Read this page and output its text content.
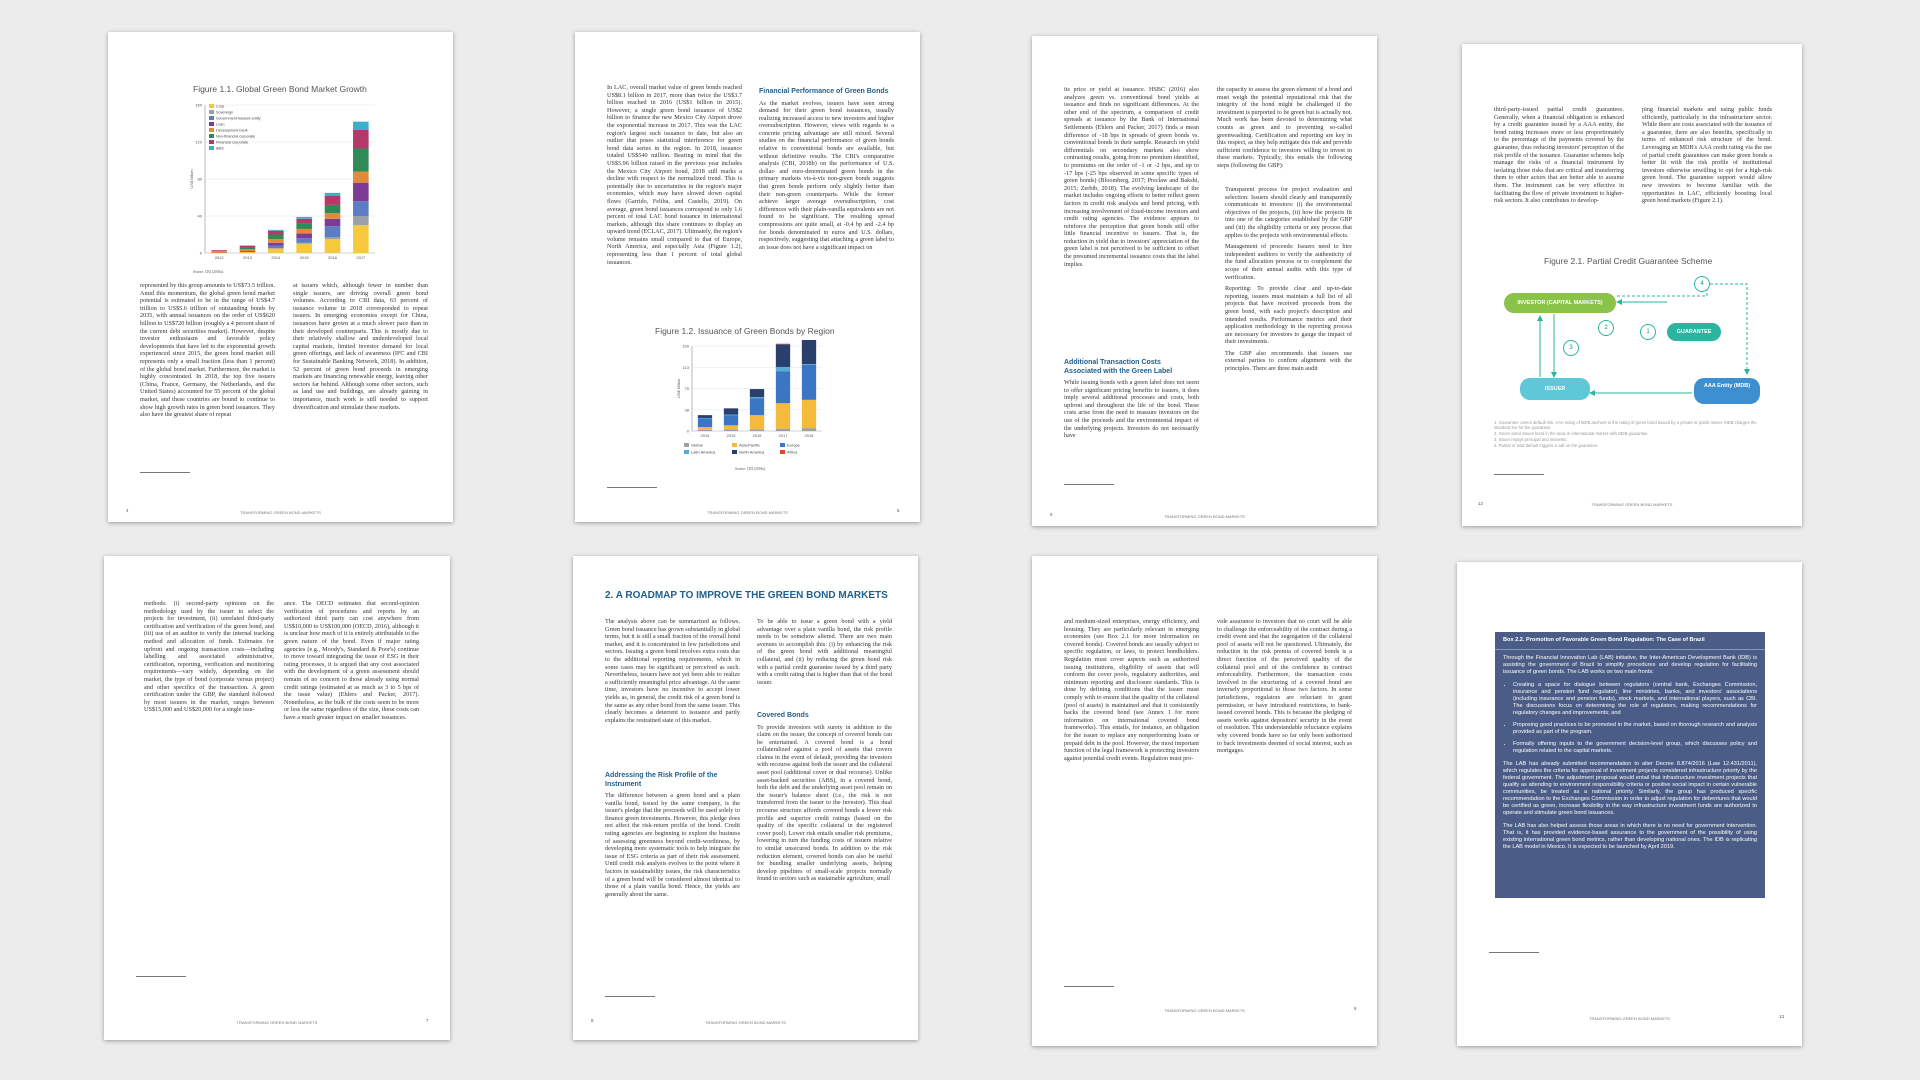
Figure 1.1. Global Green Bond Market Growth
0
40
80
120
160
US$ billion
2012	2013	2014	2015	2016	2017
Corp
Sovereign
Government-backed entity
Loan
Development bank
Non-financial corporate
Financial corporate
ABS
Source: CBI (2018a).
represented by this group amounts to US$73.5 trillion. Amid this momentum, the global green bond market potential is estimated to be in the range of US$4.7 trillion to US$5.6 trillion of outstanding bonds by 2035, with annual issuances on the order of US$620 billion to US$720 billion (roughly a 4 percent share of the current debt securities market). However, despite investor enthusiasm and favorable policy developments that have led to the exponential growth experienced since 2015, the green bond market still represents only a small fraction (less than 1 percent) of the global bond market. Furthermore, the market is highly concentrated. In 2018, the top five issuers (China, France, Germany, the Netherlands, and the United States) accounted for 55 percent of the global market, and these countries are bound to continue to show high growth rates in green bond issuances. They also have the greatest share of repeat
at issuers which, although fewer in number than single issuers, are driving overall green bond volumes. According to CBI data, 63 percent of issuance volume in 2018 corresponded to repeat issuers. In emerging economies except for China, issuances have grown at a much slower pace than in their developed counterparts. This is mostly due to their relatively shallow and underdeveloped local capital markets, limited investor demand for local green offerings, and lack of awareness (IFC and CBI for Sustainable Banking Network, 2018). In addition, 52 percent of green bond proceeds in emerging markets are financing renewable energy, leaving other sectors far behind. Although some other sectors, such as land use and buildings, are already gaining in importance, much work is still needed to support diversification and stimulate these markets.
TRANSFORMING GREEN BOND MARKETS
4
In LAC, overall market value of green bonds reached US$8.1 billion in 2017, more than twice the US$3.7 billion reached in 2016 (US$1 billion in 2015). However, a single green bond issuance of US$2 billion to finance the new Mexico City Airport drove the exponential increase in 2017. This was the LAC region's largest such issuance to date, but also an outlier that poses statistical interference for green bond data series in the region. In 2018, issuance totaled US$540 million. Bearing in mind that the US$5.96 billion raised in the previous year includes the Mexico City Airport bond, 2018 still marks a decline with respect to the normalized trend. This is potentially due to uncertainties in the region's major economies, which may have slowed down capital flows (Garrido, Feliba, and Castells, 2019). On average, green bond issuances correspond to only 1.6 percent of total LAC bond issuance in international markets, although this share continues to display an upward trend (ECLAC, 2017). Ultimately, the region's volume remains small compared to that of Europe, North America, and especially Asia (Figure 1.2), representing less than 1 percent of total global issuances.
Financial Performance of Green Bonds
As the market evolves, issuers have seen strong demand for their green bond issuances, usually realizing increased access to new investors and higher oversubscription. However, views with regards to a concrete pricing advantage are still mixed. Several studies on the financial performance of green bonds relative to conventional bonds are available, but without definitive results. The CBI's comparative analysis (CBI, 2018b) on the performance of U.S. dollar- and euro-denominated green bonds in the primary markets vis-à-vis non-green bonds suggests that green bonds perform only slightly better than their non-green counterparts. While the former achieve larger average oversubscription, cost differences with their plain-vanilla equivalents are not found to be significant. The resulting spread compressions are quite small, at -0.4 bp and -2.4 bp for bonds denominated in euros and U.S. dollars, respectively, suggesting that attaching a green label to an issue does not have a significant impact on
Figure 1.2. Issuance of Green Bonds by Region
0
38
75
113
150
US$ billion
2014	2015	2016	2017	2018
Global	Asia-Pacific	Europe
Latin America	North America	Africa
Source: CBI (2018a).
TRANSFORMING GREEN BOND MARKETS	5
its price or yield at issuance. HSBC (2016) also analyzes green vs. conventional bond yields at issuance and finds no significant differences. At the other end of the spectrum, a comparison of credit spreads at issuance by the Bank of International Settlements (Ehlers and Packer, 2017) finds a mean difference of -18 bps in spreads of green bonds vs. conventional bonds in their sample. Research on yield differentials on secondary markets also show contrasting results, going from no premium identified, to premiums on the order of -1 or -2 bps, and up to -17 bps (-25 bps observed in some specific types of green bonds) (Bloomberg, 2017; Preclaw and Bakshi, 2015; Zerbib, 2018). The evolving landscape of the market includes ongoing efforts to better reflect green factors in credit risk analysis and bond pricing, with increasing involvement of fixed-income investors and credit rating agencies. The evidence appears to reinforce the perception that green bonds still offer little financial incentive to issuers. That is, the reduction in yield due to investors' appreciation of the green label is not perceived to be sufficient to offset the presumed incremental issuance costs that the label implies.
Additional Transaction Costs Associated with the Green Label
While issuing bonds with a green label does not seem to offer significant pricing benefits to issuers, it does imply several additional processes and costs, both upfront and throughout the life of the bond. These costs arise from the need to reassure investors on the use of the proceeds and the environmental impact of the underlying projects. Investors do not necessarily have
the capacity to assess the green element of a bond and must weigh the potential reputational risk that the integrity of the bond might be challenged if the investment is purported to be green but is actually not. Much work has been devoted to determining what counts as green and to preventing so-called greenwashing. Certification and reporting are key in this respect, as they help mitigate this risk and provide sufficient confidence to investors willing to invest in these markets. Typically, this entails the following steps (following the GBP):
• Transparent process for project evaluation and selection: Issuers should clearly and transparently communicate to investors: (i) the environmental objectives of the projects, (ii) how the projects fit into one of the categories established by the GBP and (iii) the eligibility criteria or any process that applies to the projects with environmental effects.
• Management of proceeds: Issuers need to hire independent auditors to verify the authenticity of the fund allocation process or to complement the scope of their annual audits with this type of verification.
• Reporting: To provide clear and up-to-date reporting, issuers must maintain a full list of all projects that have received proceeds from the green bond, with each project's description and intended results. Performance metrics and their application methodology in the reporting process are necessary for investors to gauge the impact of their investments.
• The GBP also recommends that issuers use external parties to confirm alignment with the principles. There are three main audit
TRANSFORMING GREEN BOND MARKETS
6
third-party-issued partial credit guarantees. Generally, when a financial obligation is enhanced by a credit guarantee issued by a AAA entity, the bond rating increases more or less proportionately to the percentage of the payments covered by the guarantee, thus reducing investors' perception of the risk profile of the issuance. Guarantee schemes help manage the risks of a financial instrument by isolating those risks that are critical and transferring them to other actors that are better able to assume them. The instrument can be very effective in facilitating the flow of private investment to higher-risk sectors. It also contributes to develop-
ping financial markets and using public funds efficiently, particularly in the infrastructure sector. While there are costs associated with the issuance of a guarantee, there are also benefits, specifically in terms of enhanced risk structure of the bond. Leveraging an MDB's AAA credit rating via the use of partial credit guarantees can make green bonds a better fit with the risk profile of institutional investors otherwise unwilling to opt for a high-risk green bond. The guarantee support would allow new investors to become familiar with the opportunities in LAC, efficiently boosting local green bond markets (Figure 2.1).
Figure 2.1. Partial Credit Guarantee Scheme
INVESTOR (CAPITAL MARKETS)
GUARANTEE
ISSUER	AAA Entity (MDB)
1
2
3
4
1. Guarantee covers default risk. AAA rating of MDB anchors to the rating of green bond issued by a private or public issuer. MDB charges the standard fee for the guarantee.
2. Green bond issues bond in the local or international market with MDB guarantee.
3. Issuer repays principal and interests.
4. Partial or total default triggers a call on the guarantee.
TRANSFORMING GREEN BOND MARKETS
12
methods: (i) second-party opinions on the methodology used by the issuer to select the projects for investment, (ii) unrelated third-party certification and verification of the green bond, and (iii) use of an auditor to verify the internal tracking method and allocation of funds. Estimates for upfront and ongoing transaction costs—including labelling and associated administrative, certification, reporting, verification and monitoring requirements—vary widely, depending on the market, the type of bond (corporate versus project) and other specifics of the transaction. A green certification under the GBP, the standard followed by most issuers in the market, ranges between US$15,000 and US$20,000 for a single issu-
ance. The OECD estimates that second-opinion verification of procedures and reports by an authorized third party can cost anywhere from US$10,000 to US$100,000 (OECD, 2016), although it is unclear how much of it is entirely attributable to the green nature of the bond. Even if major rating agencies (e.g., Moody's, Standard & Poor's) continue to move toward integrating the issue of ESG in their rating processes, it is argued that any cost associated with the development of a green assessment should remain of no concern to those already using normal credit ratings (estimated at as much as 3 to 5 bps of the issue value) (Ehlers and Packer, 2017). Nonetheless, as the bulk of the costs seem to be more or less the same regardless of the size, these costs can have a much greater impact on smaller issuances.
TRANSFORMING GREEN BOND MARKETS	7
2. A ROADMAP TO IMPROVE THE GREEN BOND MARKETS
The analysis above can be summarized as follows. Green bond issuance has grown substantially in global terms, but it is still a small fraction of the overall bond market, and it is concentrated in few jurisdictions and sectors. Issuing a green bond involves extra costs due to the additional reporting requirements, which in some cases may be significant or perceived as such. Nevertheless, issuers have not yet been able to realize a sufficiently meaningful price advantage. At the same time, investors have no incentive to accept lower yields as, in general, the credit risk of a green bond is the same as any other bond from the same issuer. This clearly becomes a deterrent to issuance and partly explains the restrained state of this market.
Addressing the Risk Profile of the Instrument
The difference between a green bond and a plain vanilla bond, issued by the same company, is the issuer's pledge that the proceeds will be used solely to finance green investments. However, this pledge does not affect the risk-return profile of the bond. Credit rating agencies are beginning to explore the business of assessing greenness beyond credit-worthiness, by developing more systematic tools to help integrate the issue of ESG criteria as part of their risk assessment. Until credit risk analysis evolves to the point where it factors in sustainability issues, the risk characteristics of a green bond will be considered almost identical to those of a plain vanilla bond. Hence, the yields are generally about the same.
To be able to issue a green bond with a yield advantage over a plain vanilla bond, the risk profile needs to be somehow altered. There are two main avenues to accomplish this: (i) by enhancing the risk of the green bond with additional meaningful collateral, and (ii) by reducing the green bond risk with a partial credit guarantee issued by a third party with a credit rating that is higher than that of the bond issuer.
Covered Bonds
To provide investors with surety in addition to the claim on the issuer, the concept of covered bonds can be entertained. A covered bond is a bond collateralized against a pool of assets that covers claims in the event of default, providing the investors with recourse against both the issuer and the collateral asset pool (additional cover or dual recourse). Unlike asset-backed securities (ABS), in a covered bond, both the debt and the underlying asset pool remain on the issuer's balance sheet (i.e., the risk is not transferred from the issuer to the investor). This dual recourse structure affords covered bonds a lower risk profile and superior credit ratings (based on the quality of the specific collateral in the registered cover pool). Lower risk entails smaller risk premiums, lowering in turn the funding costs of issuers relative to similar unsecured bonds. In addition to the risk reduction element, covered bonds can also be useful for bundling smaller underlying assets, helping develop pipelines of small-scale projects normally found in sectors such as sustainable agriculture, small
TRANSFORMING GREEN BOND MARKETS
8
and medium-sized enterprises, energy efficiency, and housing. They are particularly relevant in emerging economies (see Box 2.1 for more information on covered bonds). Covered bonds are usually subject to specific regulation, or laws, to protect bondholders. Regulation must cover aspects such as authorized issuing institutions, eligibility of assets that will conform the cover pools, regulatory authorities, and minimum reporting and disclosure standards. This is done by defining conditions that the issuer must comply with to ensure that the quality of the collateral (pool of assets) is maintained and that it consistently backs the covered bond (see Annex 1 for more information on international covered bond frameworks). This entails, for instance, an obligation for the issuer to replace any nonperforming loans or prepaid debt in the pool. However, the most important function of the legal framework is protecting investors against potential credit events. Regulation must pro-
vide assurance to investors that no court will be able to challenge the enforceability of the contract during a credit event and that the segregation of the collateral pool of assets will not be questioned. Ultimately, the reduction in the risk premia of covered bonds is a direct function of the perceived quality of the collateral pool and of the confidence in contract enforceability. Furthermore, the transaction costs involved in the structuring of a covered bond are inversely proportional to those two factors. In some jurisdictions, regulators are reluctant to grant permission, or have introduced restrictions, to bank-issued covered bonds. This is because the pledging of assets works against depositors' security in the event of resolution. This understandable reluctance explains why covered bonds have so far only been authorized to back investments deemed of social interest, such as mortgages.
TRANSFORMING GREEN BOND MARKETS	9
Box 2.2. Promotion of Favorable Green Bond Regulation: The Case of Brazil

Through the Financial Innovation Lab (LAB) initiative, the Inter-American Development Bank (IDB) is assisting the government of Brazil to simplify procedures and develop regulation for facilitating issuance of green bonds. The LAB works on two main fronts:

• Creating a space for dialogue between regulators (central bank, Exchanges Commission, insurance and pension fund regulator), line ministries, banks, and investors' associations (including insurance and pension funds), stock markets, and international players, such as CBI. The discussions focus on determining the role of regulators, making recommendations for regulatory changes and improvements; and
• Proposing good practices to be promoted in the market, based on thorough research and analysis provided as part of the program.
• Formally offering inputs to the government decision-level group, which discusses policy and regulation related to the capital markets.

The LAB has already submitted recommendation to alter Decree 8.874/2016 (Law 12.431/2011), which regulates the criteria for approval of investment projects considered infrastructure priority by the federal government. The adjustment proposal would entail that infrastructure investment projects that qualify as attending to environment responsibility criteria or positive social impact in certain vulnerable communities, be treated as a national priority. Similarly, the group has produced specific recommendation to the Exchanges Commission in order to adjust regulation for debentures that would be certified as green, increase flexibility in the way infrastructure investment funds are authorized to operate and stimulate green bond issuances.

The LAB has also helped assess those areas in which there is no need for government intervention. That is, it has provided evidence-based assurance to the government of the possibility of using existing international green bond metrics, rather than developing national ones. The IDB is replicating the LAB model in Mexico. It is expected to be launched by April 2019.

TRANSFORMING GREEN BOND MARKETS	13
